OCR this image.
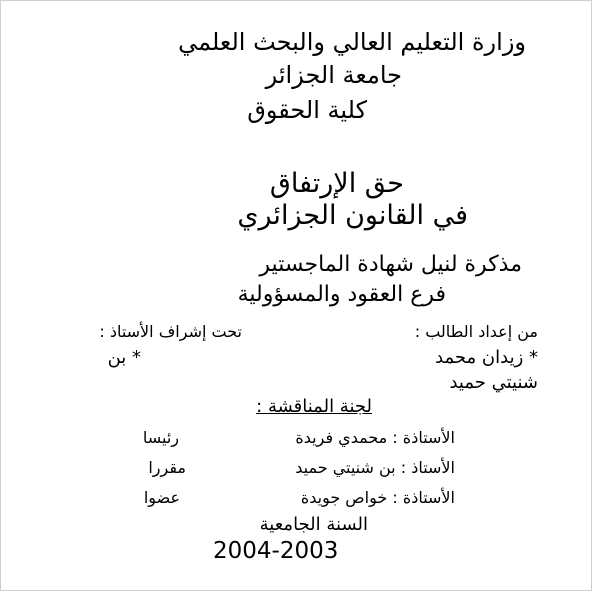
وزارة التعليم العالي والبحث العلمي
جامعة الجزائر
كلية الحقوق
حق الإرتفاق
في القانون الجزائري
مذكرة لنيل شهادة الماجستير
فرع العقود والمسؤولية
من إعداد الطالب :
تحت إشراف الأستاذ :
* زيدان محمد
* بن
شنيتي حميد
لجنة المناقشة :
الأستاذة : محمدي فريدة
رئيسا
الأستاذ : بن شنيتي حميد
مقررا
الأستاذة : خواص جويدة
عضوا
السنة الجامعية
2004-2003
